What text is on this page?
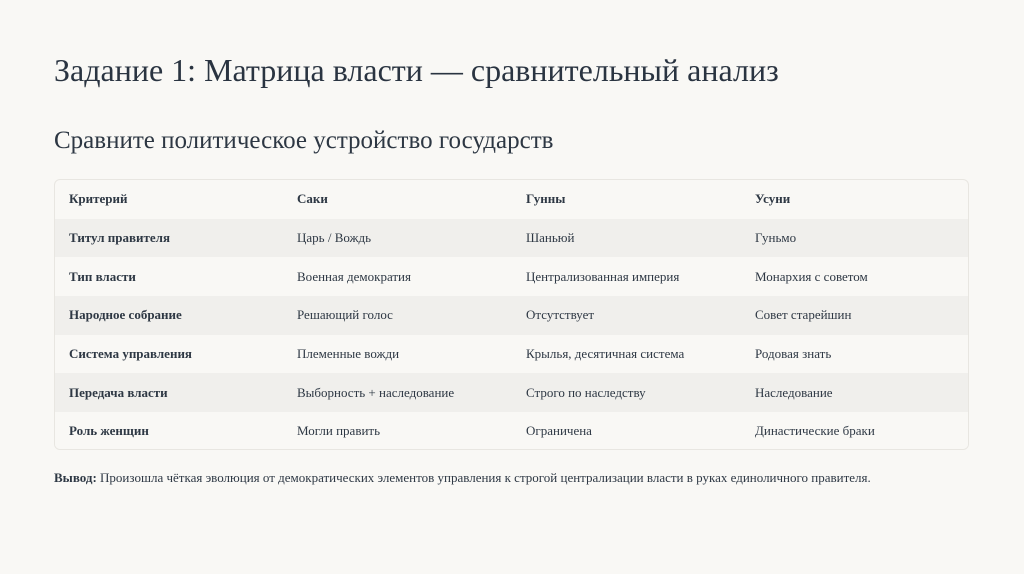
Задание 1: Матрица власти — сравнительный анализ
Сравните политическое устройство государств
Критерий	Саки	Гунны	Усуни
Титул правителя	Царь / Вождь	Шаньюй	Гуньмо
Тип власти	Военная демократия	Централизованная империя	Монархия с советом
Народное собрание	Решающий голос	Отсутствует	Совет старейшин
Система управления	Племенные вожди	Крылья, десятичная система	Родовая знать
Передача власти	Выборность + наследование	Строго по наследству	Наследование
Роль женщин	Могли править	Ограничена	Династические браки
Вывод: Произошла чёткая эволюция от демократических элементов управления к строгой централизации власти в руках единоличного правителя.
